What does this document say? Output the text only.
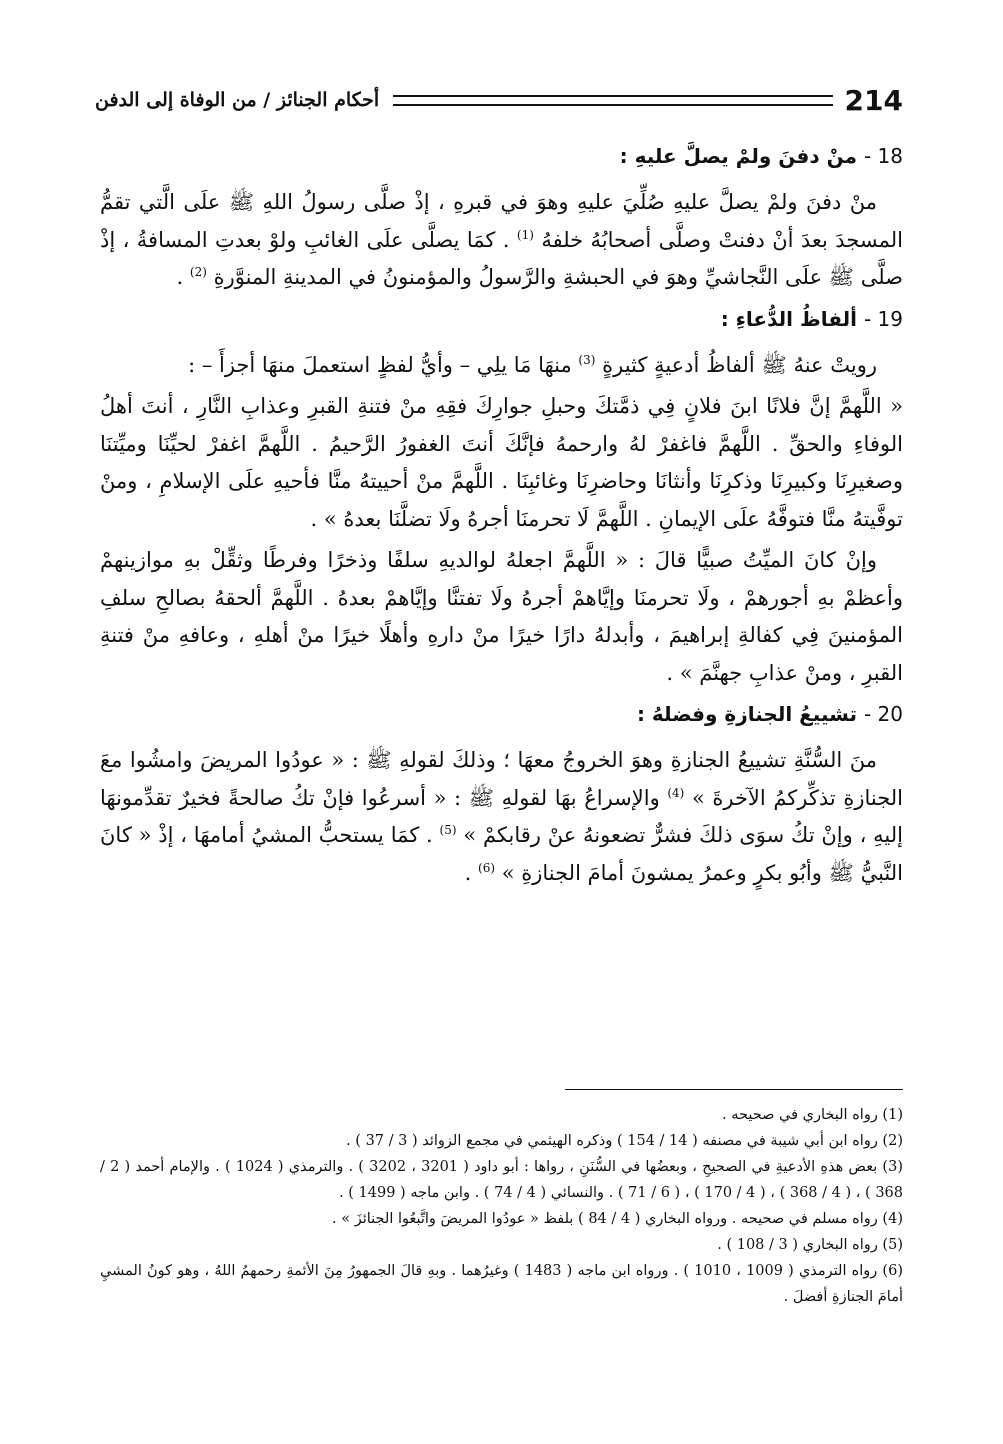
214
أحكام الجنائز / من الوفاة إلى الدفن
18 - منْ دفنَ ولمْ يصلَّ عليهِ :

منْ دفنَ ولمْ يصلَّ عليهِ صُلِّيَ عليهِ وهوَ في قبرهِ ، إذْ صلَّى رسولُ اللهِ ﷺ علَى الَّتي تقمُّ المسجدَ بعدَ أنْ دفنتْ وصلَّى أصحابُهُ خلفهُ $^{(1)}$ . كمَا يصلَّى علَى الغائبِ ولوْ بعدتِ المسافةُ ، إذْ صلَّى ﷺ علَى النَّجاشيِّ وهوَ في الحبشةِ والرَّسولُ والمؤمنونُ في المدينةِ المنوَّرةِ $^{(2)}$ .

19 - ألفاظُ الدُّعاءِ :

رويتْ عنهُ ﷺ ألفاظُ أدعيةٍ كثيرةٍ $^{(3)}$ منهَا مَا يلِي – وأيُّ لفظٍ استعملَ منهَا أجزأَ – :

« اللَّهمَّ إنَّ فلانًا ابنَ فلانٍ فِي ذمَّتكَ وحبلِ جوارِكَ فقِهِ منْ فتنةِ القبرِ وعذابِ النَّارِ ، أنتَ أهلُ الوفاءِ والحقِّ . اللَّهمَّ فاغفرْ لهُ وارحمهُ فإنَّكَ أنتَ الغفورُ الرَّحيمُ . اللَّهمَّ اغفرْ لحيِّنَا وميِّتنَا وصغيرِنَا وكبيرِنَا وذكرِنَا وأنثانَا وحاضرِنَا وغائبِنَا . اللَّهمَّ منْ أحييتهُ منَّا فأحيهِ علَى الإسلامِ ، ومنْ توفَّيتهُ منَّا فتوفَّهُ علَى الإيمانِ . اللَّهمَّ لَا تحرمنَا أجرهُ ولَا تضلَّنَا بعدهُ » .

وإنْ كانَ الميِّتُ صبيًّا قالَ : « اللَّهمَّ اجعلهُ لوالديهِ سلفًا وذخرًا وفرطًا وثقِّلْ بهِ موازينهمْ وأعظمْ بهِ أجورهمْ ، ولَا تحرمنَا وإيَّاهمْ أجرهُ ولَا تفتنَّا وإيَّاهمْ بعدهُ . اللَّهمَّ ألحقهُ بصالحِ سلفِ المؤمنينَ فِي كفالةِ إبراهيمَ ، وأبدلهُ دارًا خيرًا منْ دارهِ وأهلًا خيرًا منْ أهلهِ ، وعافهِ منْ فتنةِ القبرِ ، ومنْ عذابِ جهنَّمَ » .

20 - تشييعُ الجنازةِ وفضلهُ :

منَ السُّنَّةِ تشييعُ الجنازةِ وهوَ الخروجُ معهَا ؛ وذلكَ لقولهِ ﷺ : « عودُوا المريضَ وامشُوا معَ الجنازةِ تذكِّركمُ الآخرةَ » $^{(4)}$ والإسراعُ بهَا لقولهِ ﷺ : « أسرعُوا فإنْ تكُ صالحةً فخيرٌ تقدِّمونهَا إليهِ ، وإنْ تكُ سوَى ذلكَ فشرٌّ تضعونهُ عنْ رقابكمْ » $^{(5)}$ . كمَا يستحبُّ المشيُ أمامهَا ، إذْ « كانَ النَّبيُّ ﷺ وأبُو بكرٍ وعمرُ يمشونَ أمامَ الجنازةِ » $^{(6)}$ .

(1) رواه البخاري في صحيحه .

(2) رواه ابن أبي شيبة في مصنفه ( 14 / 154 ) وذكره الهيثمي في مجمع الزوائد ( 3 / 37 ) .

(3) بعض هذهِ الأدعيةِ في الصحيحِ ، وبعضُها في السُّنَنِ ، رواها : أبو داود ( 3201 ، 3202 ) . والترمذي ( 1024 ) . والإمام أحمد ( 2 / 368 ) ، ( 4 / 368 ) ، ( 4 / 170 ) ، ( 6 / 71 ) . والنسائي ( 4 / 74 ) . وابن ماجه ( 1499 ) .

(4) رواه مسلم في صحيحه . ورواه البخاري ( 4 / 84 ) بلفظ « عودُوا المريضَ واتَّبعُوا الجنائزَ » .

(5) رواه البخاري ( 3 / 108 ) .

(6) رواه الترمذي ( 1009 ، 1010 ) . ورواه ابن ماجه ( 1483 ) وغيرُهما . وبهِ قالَ الجمهورُ مِنَ الأئمةِ رحمهمُ اللهُ ، وهو كونُ المشيِ أمامَ الجنازةِ أفضلَ .
